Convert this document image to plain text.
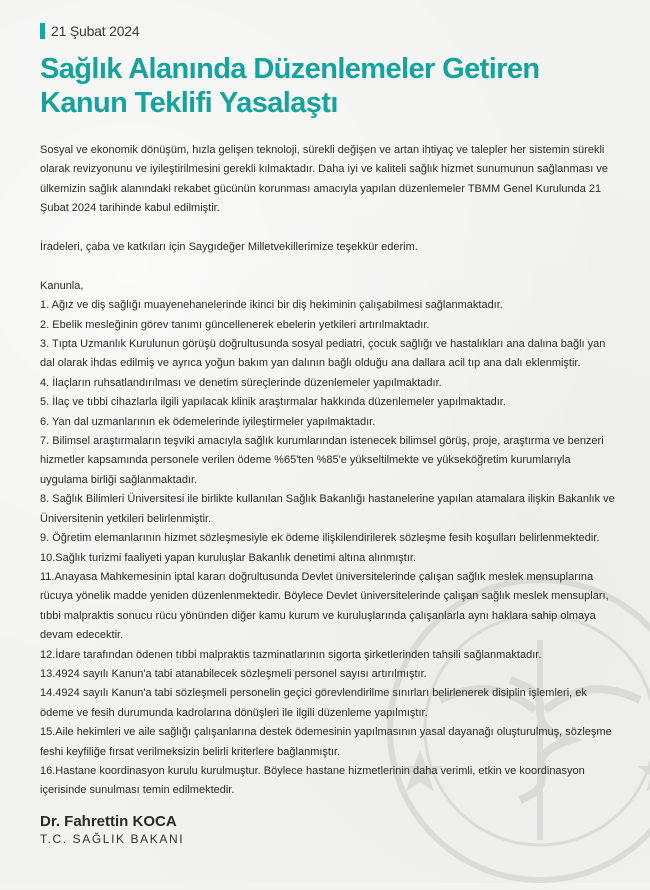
21 Şubat 2024
Sağlık Alanında Düzenlemeler Getiren
Kanun Teklifi Yasalaştı

Sosyal ve ekonomik dönüşüm, hızla gelişen teknoloji, sürekli değişen ve artan ihtiyaç ve talepler her sistemin sürekli olarak revizyonunu ve iyileştirilmesini gerekli kılmaktadır. Daha iyi ve kaliteli sağlık hizmet sunumunun sağlanması ve ülkemizin sağlık alanındaki rekabet gücünün korunması amacıyla yapılan düzenlemeler TBMM Genel Kurulunda 21 Şubat 2024 tarihinde kabul edilmiştir.

İradeleri, çaba ve katkıları için Saygıdeğer Milletvekillerimize teşekkür ederim.

Kanunla,

1. Ağız ve diş sağlığı muayenehanelerinde ikinci bir diş hekiminin çalışabilmesi sağlanmaktadır.

2. Ebelik mesleğinin görev tanımı güncellenerek ebelerin yetkileri artırılmaktadır.

3. Tıpta Uzmanlık Kurulunun görüşü doğrultusunda sosyal pediatri, çocuk sağlığı ve hastalıkları ana dalına bağlı yan dal olarak ihdas edilmiş ve ayrıca yoğun bakım yan dalının bağlı olduğu ana dallara acil tıp ana dalı eklenmiştir.

4. İlaçların ruhsatlandırılması ve denetim süreçlerinde düzenlemeler yapılmaktadır.

5. İlaç ve tıbbi cihazlarla ilgili yapılacak klinik araştırmalar hakkında düzenlemeler yapılmaktadır.

6. Yan dal uzmanlarının ek ödemelerinde iyileştirmeler yapılmaktadır.

7. Bilimsel araştırmaların teşviki amacıyla sağlık kurumlarından istenecek bilimsel görüş, proje, araştırma ve benzeri hizmetler kapsamında personele verilen ödeme %65'ten %85'e yükseltilmekte ve yükseköğretim kurumlarıyla uygulama birliği sağlanmaktadır.

8. Sağlık Bilimleri Üniversitesi ile birlikte kullanılan Sağlık Bakanlığı hastanelerine yapılan atamalara ilişkin Bakanlık ve Üniversitenin yetkileri belirlenmiştir.

9. Öğretim elemanlarının hizmet sözleşmesiyle ek ödeme ilişkilendirilerek sözleşme fesih koşulları belirlenmektedir.

10.Sağlık turizmi faaliyeti yapan kuruluşlar Bakanlık denetimi altına alınmıştır.

11.Anayasa Mahkemesinin iptal kararı doğrultusunda Devlet üniversitelerinde çalışan sağlık meslek mensuplarına rücuya yönelik madde yeniden düzenlenmektedir. Böylece Devlet üniversitelerinde çalışan sağlık meslek mensupları, tıbbi malpraktis sonucu rücu yönünden diğer kamu kurum ve kuruluşlarında çalışanlarla aynı haklara sahip olmaya devam edecektir.

12.İdare tarafından ödenen tıbbi malpraktis tazminatlarının sigorta şirketlerinden tahsili sağlanmaktadır.

13.4924 sayılı Kanun'a tabi atanabilecek sözleşmeli personel sayısı artırılmıştır.

14.4924 sayılı Kanun'a tabi sözleşmeli personelin geçici görevlendirilme sınırları belirlenerek disiplin işlemleri, ek ödeme ve fesih durumunda kadrolarına dönüşleri ile ilgili düzenleme yapılmıştır.

15.Aile hekimleri ve aile sağlığı çalışanlarına destek ödemesinin yapılmasının yasal dayanağı oluşturulmuş, sözleşme feshi keyfiliğe fırsat verilmeksizin belirli kriterlere bağlanmıştır.

16.Hastane koordinasyon kurulu kurulmuştur. Böylece hastane hizmetlerinin daha verimli, etkin ve koordinasyon içerisinde sunulması temin edilmektedir.

Dr. Fahrettin KOCA
T.C. SAĞLIK BAKANI
